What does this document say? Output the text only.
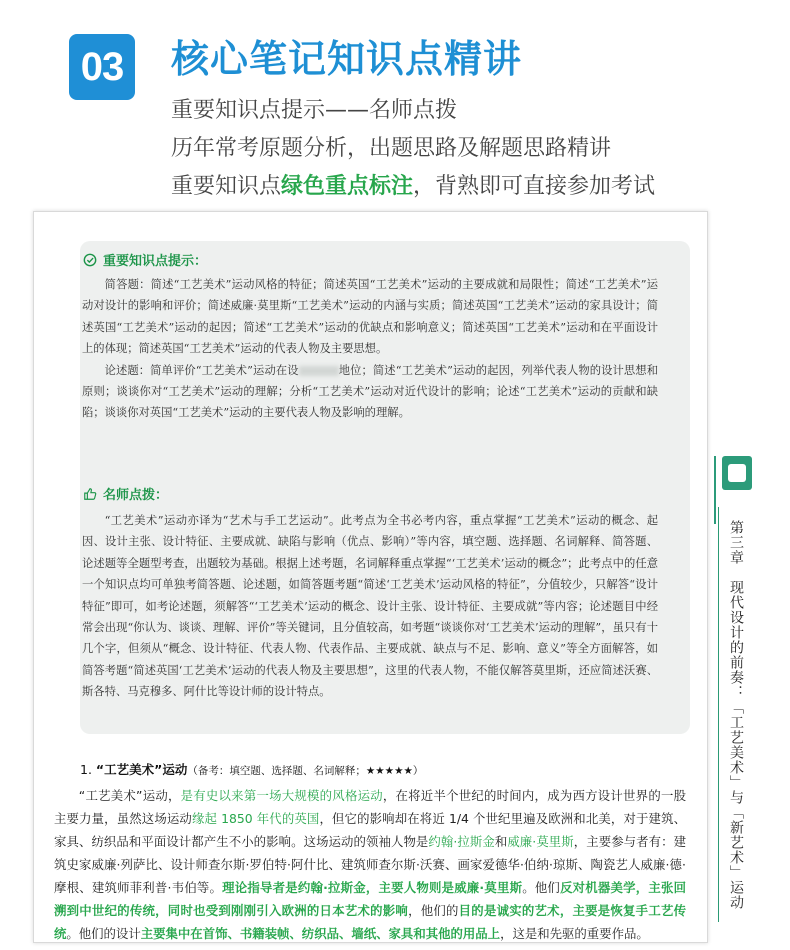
03	核心笔记知识点精讲
重要知识点提示——名师点拨
历年常考原题分析，出题思路及解题思路精讲
重要知识点绿色重点标注，背熟即可直接参加考试
重要知识点提示：

简答题：简述“工艺美术”运动风格的特征；简述英国“工艺美术”运动的主要成就和局限性；简述“工艺美术”运动对设计的影响和评价；简述威廉·莫里斯“工艺美术”运动的内涵与实质；简述英国“工艺美术”运动的家具设计；简述英国“工艺美术”运动的起因；简述“工艺美术”运动的优缺点和影响意义；简述英国“工艺美术”运动和在平面设计上的体现；简述英国“工艺美术”运动的代表人物及主要思想。

论述题：简单评价“工艺美术”运动在设	地位；简述“工艺美术”运动的起因，列举代表人物的设计思想和原则；谈谈你对“工艺美术”运动的理解；分析“工艺美术”运动对近代设计的影响；论述“工艺美术”运动的贡献和缺陷；谈谈你对英国“工艺美术”运动的主要代表人物及影响的理解。

名师点拨：

“工艺美术”运动亦译为“艺术与手工艺运动”。此考点为全书必考内容，重点掌握“工艺美术”运动的概念、起因、设计主张、设计特征、主要成就、缺陷与影响（优点、影响）”等内容，填空题、选择题、名词解释、简答题、论述题等全题型考查，出题较为基础。根据上述考题，名词解释重点掌握“‘工艺美术’运动的概念”；此考点中的任意一个知识点均可单独考简答题、论述题，如简答题考题“简述‘工艺美术’运动风格的特征”，分值较少，只解答“设计特征”即可，如考论述题，须解答“‘工艺美术’运动的概念、设计主张、设计特征、主要成就”等内容；论述题目中经常会出现“你认为、谈谈、理解、评价”等关键词，且分值较高，如考题“谈谈你对‘工艺美术’运动的理解”，虽只有十几个字，但须从“概念、设计特征、代表人物、代表作品、主要成就、缺点与不足、影响、意义”等全方面解答，如简答考题“简述英国‘工艺美术’运动的代表人物及主要思想”，这里的代表人物，不能仅解答莫里斯，还应简述沃赛、斯各特、马克穆多、阿什比等设计师的设计特点。

1. “工艺美术”运动（备考：填空题、选择题、名词解释；★★★★★）

“工艺美术”运动，是有史以来第一场大规模的风格运动，在将近半个世纪的时间内，成为西方设计世界的一股主要力量，虽然这场运动缘起 1850 年代的英国，但它的影响却在将近 1/4 个世纪里遍及欧洲和北美，对于建筑、家具、纺织品和平面设计都产生不小的影响。这场运动的领袖人物是约翰·拉斯金和威廉·莫里斯，主要参与者有：建筑史家威廉·列萨比、设计师查尔斯·罗伯特·阿什比、建筑师查尔斯·沃赛、画家爱德华·伯纳·琼斯、陶瓷艺人威廉·德·摩根、建筑师菲利普·韦伯等。理论指导者是约翰·拉斯金，主要人物则是威廉·莫里斯。他们反对机器美学，主张回溯到中世纪的传统，同时也受到刚刚引入欧洲的日本艺术的影响，他们的目的是诚实的艺术，主要是恢复手工艺传统。他们的设计主要集中在首饰、书籍装帧、纺织品、墙纸、家具和其他的用品上，这是和先驱的重要作品。

第三章　现代设计的前奏：「工艺美术」与「新艺术」运动
